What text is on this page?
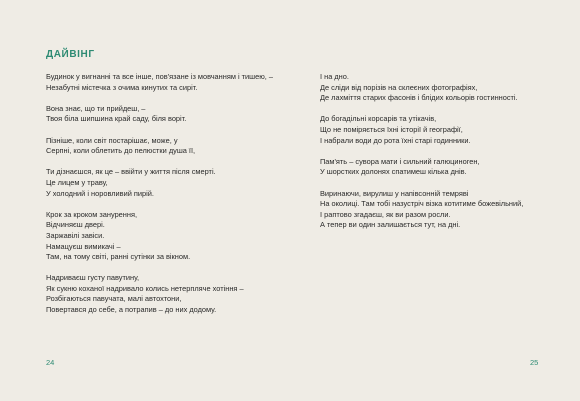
ДАЙВІНГ
Будинок у вигнанні та все інше, пов'язане із мовчанням і тишею, –
Незабутні містечка з очима кинутих та сиріт.
Вона знає, що ти прийдеш, –
Твоя біла шипшина край саду, біля воріт.
Пізніше, коли світ постарішає, може, у
Серпні, коли облетить до пелюстки душа її,
Ти дізнаєшся, як це – ввійти у життя після смерті.
Це лицем у траву,
У холодний і норовливий пирій.
Крок за кроком занурення,
Відчиняєш двері.
Заржавілі завіси.
Намацуєш вимикачі –
Там, на тому світі, ранні сутінки за вікном.
Надриваєш густу павутину,
Як сукню коханої надривало колись нетерпляче хотіння –
Розбігаються павучата, малі автохтони,
Повертався до себе, а потрапив – до них додому.
24
І на дно.
Де сліди від порізів на склеєних фотографіях,
Де лахміття старих фасонів і блідих кольорів гостинності.
До богадільні корсарів та утікачів,
Що не поміряється їхні історії й географії,
І набрали води до рота їхні старі годинники.
Пам'ять – сувора мати і сильний галюциноген,
У шорстких долонях спатимеш кілька днів.
Виринаючи, вирулиш у напівсонній темряві
На околиці. Там тобі назустріч візка котитиме божевільний,
І раптово згадаєш, як ви разом росли.
А тепер ви один залишається тут, на дні.
25
